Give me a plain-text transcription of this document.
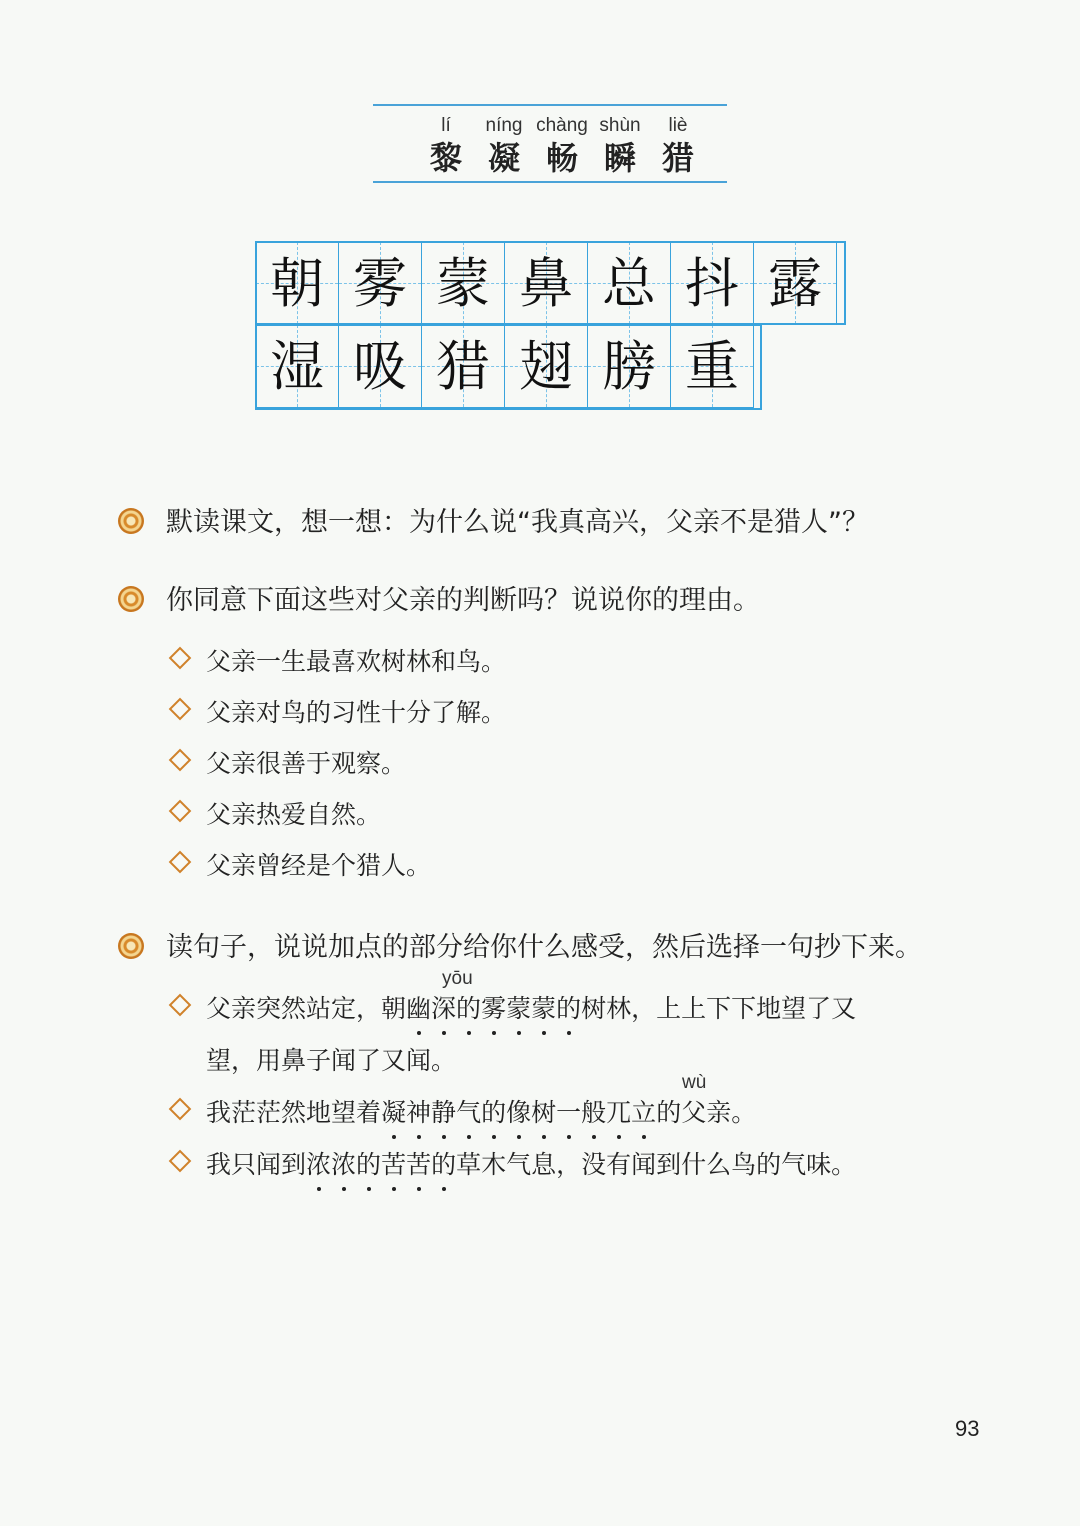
lí
黎
níng
凝
chàng
畅
shùn
瞬
liè
猎
朝 雾 蒙 鼻 总 抖 露
湿 吸 猎 翅 膀 重
默读课文，想一想：为什么说“我真高兴，父亲不是猎人”？
你同意下面这些对父亲的判断吗？说说你的理由。
父亲一生最喜欢树林和鸟。
父亲对鸟的习性十分了解。
父亲很善于观察。
父亲热爱自然。
父亲曾经是个猎人。
读句子，说说加点的部分给你什么感受，然后选择一句抄下来。
yōu
父亲突然站定，朝幽深的雾蒙蒙的树林，上上下下地望了又
望，用鼻子闻了又闻。
wù
我茫茫然地望着凝神静气的像树一般兀立的父亲。
我只闻到浓浓的苦苦的草木气息，没有闻到什么鸟的气味。
93
